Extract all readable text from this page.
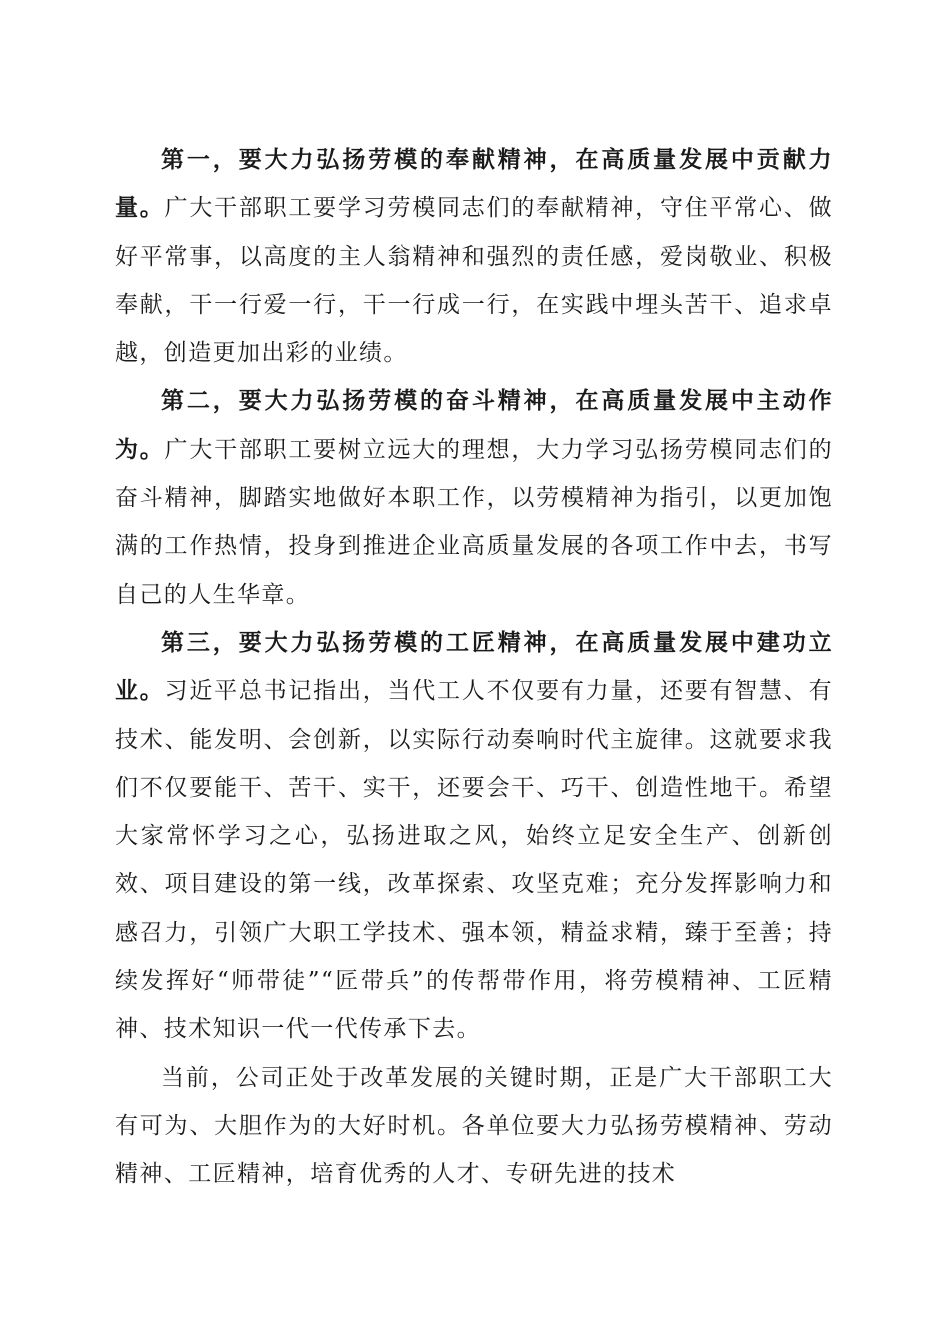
第一，要大力弘扬劳模的奉献精神，在高质量发展中贡献力量。广大干部职工要学习劳模同志们的奉献精神，守住平常心、做好平常事，以高度的主人翁精神和强烈的责任感，爱岗敬业、积极奉献，干一行爱一行，干一行成一行，在实践中埋头苦干、追求卓越，创造更加出彩的业绩。

第二，要大力弘扬劳模的奋斗精神，在高质量发展中主动作为。广大干部职工要树立远大的理想，大力学习弘扬劳模同志们的奋斗精神，脚踏实地做好本职工作，以劳模精神为指引，以更加饱满的工作热情，投身到推进企业高质量发展的各项工作中去，书写自己的人生华章。

第三，要大力弘扬劳模的工匠精神，在高质量发展中建功立业。习近平总书记指出，当代工人不仅要有力量，还要有智慧、有技术、能发明、会创新，以实际行动奏响时代主旋律。这就要求我们不仅要能干、苦干、实干，还要会干、巧干、创造性地干。希望大家常怀学习之心，弘扬进取之风，始终立足安全生产、创新创效、项目建设的第一线，改革探索、攻坚克难；充分发挥影响力和感召力，引领广大职工学技术、强本领，精益求精，臻于至善；持续发挥好“师带徒”“匠带兵”的传帮带作用，将劳模精神、工匠精神、技术知识一代一代传承下去。

当前，公司正处于改革发展的关键时期，正是广大干部职工大有可为、大胆作为的大好时机。各单位要大力弘扬劳模精神、劳动精神、工匠精神，培育优秀的人才、专研先进的技术
